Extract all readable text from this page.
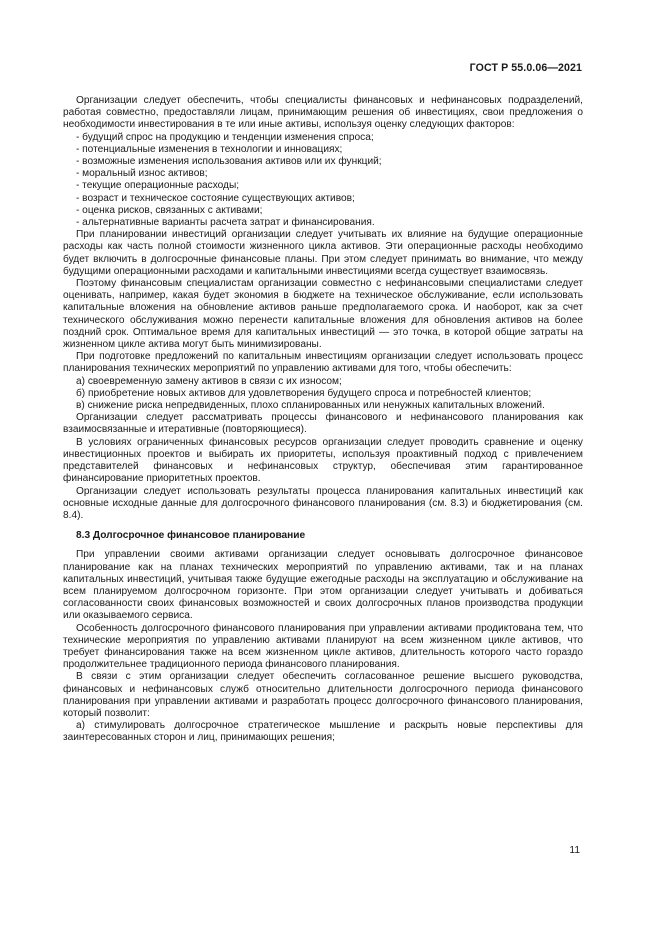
ГОСТ Р 55.0.06—2021

Организации следует обеспечить, чтобы специалисты финансовых и нефинансовых подразделений, работая совместно, предоставляли лицам, принимающим решения об инвестициях, свои предложения о необходимости инвестирования в те или иные активы, используя оценку следующих факторов:

- будущий спрос на продукцию и тенденции изменения спроса;

- потенциальные изменения в технологии и инновациях;

- возможные изменения использования активов или их функций;

- моральный износ активов;

- текущие операционные расходы;

- возраст и техническое состояние существующих активов;

- оценка рисков, связанных с активами;

- альтернативные варианты расчета затрат и финансирования.

При планировании инвестиций организации следует учитывать их влияние на будущие операционные расходы как часть полной стоимости жизненного цикла активов. Эти операционные расходы необходимо будет включить в долгосрочные финансовые планы. При этом следует принимать во внимание, что между будущими операционными расходами и капитальными инвестициями всегда существует взаимосвязь.

Поэтому финансовым специалистам организации совместно с нефинансовыми специалистами следует оценивать, например, какая будет экономия в бюджете на техническое обслуживание, если использовать капитальные вложения на обновление активов раньше предполагаемого срока. И наоборот, как за счет технического обслуживания можно перенести капитальные вложения для обновления активов на более поздний срок. Оптимальное время для капитальных инвестиций — это точка, в которой общие затраты на жизненном цикле актива могут быть минимизированы.

При подготовке предложений по капитальным инвестициям организации следует использовать процесс планирования технических мероприятий по управлению активами для того, чтобы обеспечить:

а) своевременную замену активов в связи с их износом;

б) приобретение новых активов для удовлетворения будущего спроса и потребностей клиентов;

в) снижение риска непредвиденных, плохо спланированных или ненужных капитальных вложений.

Организации следует рассматривать процессы финансового и нефинансового планирования как взаимосвязанные и итеративные (повторяющиеся).

В условиях ограниченных финансовых ресурсов организации следует проводить сравнение и оценку инвестиционных проектов и выбирать их приоритеты, используя проактивный подход с привлечением представителей финансовых и нефинансовых структур, обеспечивая этим гарантированное финансирование приоритетных проектов.

Организации следует использовать результаты процесса планирования капитальных инвестиций как основные исходные данные для долгосрочного финансового планирования (см. 8.3) и бюджетирования (см. 8.4).

8.3 Долгосрочное финансовое планирование

При управлении своими активами организации следует основывать долгосрочное финансовое планирование как на планах технических мероприятий по управлению активами, так и на планах капитальных инвестиций, учитывая также будущие ежегодные расходы на эксплуатацию и обслуживание на всем планируемом долгосрочном горизонте. При этом организации следует учитывать и добиваться согласованности своих финансовых возможностей и своих долгосрочных планов производства продукции или оказываемого сервиса.

Особенность долгосрочного финансового планирования при управлении активами продиктована тем, что технические мероприятия по управлению активами планируют на всем жизненном цикле активов, что требует финансирования также на всем жизненном цикле активов, длительность которого часто гораздо продолжительнее традиционного периода финансового планирования.

В связи с этим организации следует обеспечить согласованное решение высшего руководства, финансовых и нефинансовых служб относительно длительности долгосрочного периода финансового планирования при управлении активами и разработать процесс долгосрочного финансового планирования, который позволит:

а) стимулировать долгосрочное стратегическое мышление и раскрыть новые перспективы для заинтересованных сторон и лиц, принимающих решения;

11
